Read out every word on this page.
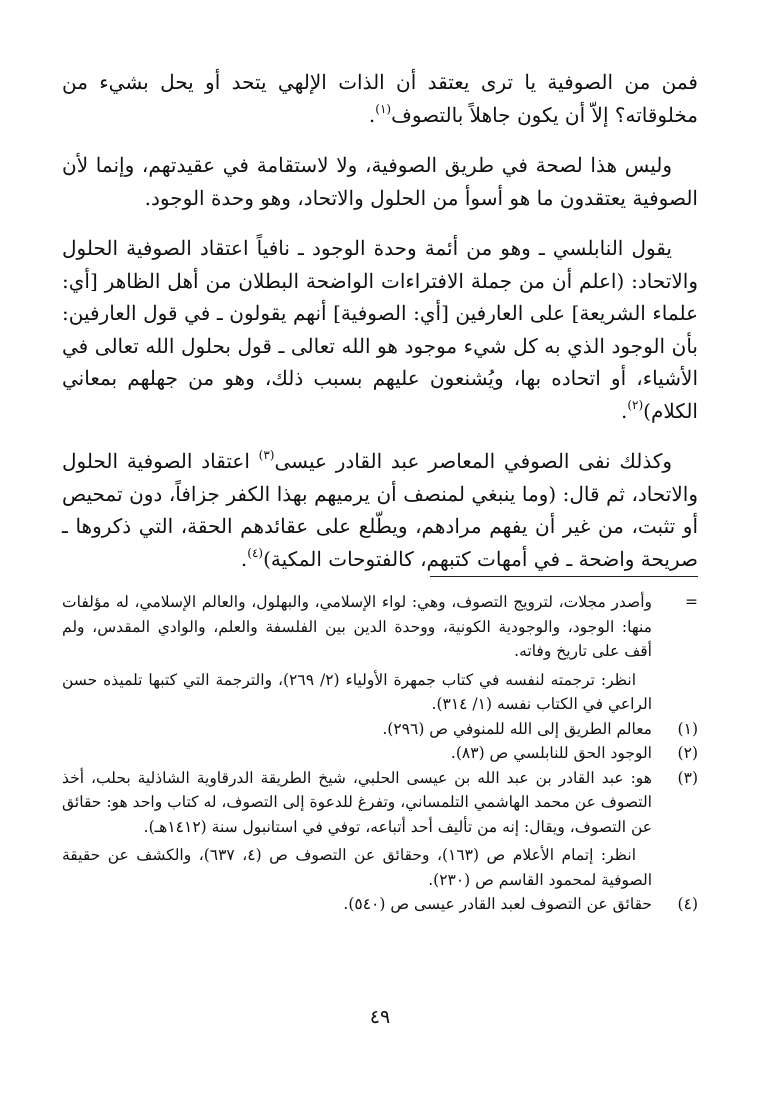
فمن من الصوفية يا ترى يعتقد أن الذات الإلهي يتحد أو يحل بشيء من مخلوقاته؟ إلاّ أن يكون جاهلاً بالتصوف$^{(١)}$.

وليس هذا لصحة في طريق الصوفية، ولا لاستقامة في عقيدتهم، وإنما لأن الصوفية يعتقدون ما هو أسوأ من الحلول والاتحاد، وهو وحدة الوجود.

يقول النابلسي ـ وهو من أئمة وحدة الوجود ـ نافياً اعتقاد الصوفية الحلول والاتحاد: (اعلم أن من جملة الافتراءات الواضحة البطلان من أهل الظاهر [أي: علماء الشريعة] على العارفين [أي: الصوفية] أنهم يقولون ـ في قول العارفين: بأن الوجود الذي به كل شيء موجود هو الله تعالى ـ قول بحلول الله تعالى في الأشياء، أو اتحاده بها، ويُشنعون عليهم بسبب ذلك، وهو من جهلهم بمعاني الكلام)$^{(٢)}$.

وكذلك نفى الصوفي المعاصر عبد القادر عيسى$^{(٣)}$ اعتقاد الصوفية الحلول والاتحاد، ثم قال: (وما ينبغي لمنصف أن يرميهم بهذا الكفر جزافاً، دون تمحيص أو تثبت، من غير أن يفهم مرادهم، ويطّلع على عقائدهم الحقة، التي ذكروها ـ صريحة واضحة ـ في أمهات كتبهم، كالفتوحات المكية)$^{(٤)}$.

=

وأصدر مجلات، لترويج التصوف، وهي: لواء الإسلامي، والبهلول، والعالم الإسلامي، له مؤلفات منها: الوجود، والوجودية الكونية، ووحدة الدين بين الفلسفة والعلم، والوادي المقدس، ولم أقف على تاريخ وفاته.

انظر: ترجمته لنفسه في كتاب جمهرة الأولياء (٢/ ٢٦٩)، والترجمة التي كتبها تلميذه حسن الراعي في الكتاب نفسه (١/ ٣١٤).

(١)

معالم الطريق إلى الله للمنوفي ص (٢٩٦).

(٢)

الوجود الحق للنابلسي ص (٨٣).

(٣)

هو: عبد القادر بن عبد الله بن عيسى الحلبي، شيخ الطريقة الدرقاوية الشاذلية بحلب، أخذ التصوف عن محمد الهاشمي التلمساني، وتفرغ للدعوة إلى التصوف، له كتاب واحد هو: حقائق عن التصوف، ويقال: إنه من تأليف أحد أتباعه، توفي في استانبول سنة (١٤١٢هـ).

انظر: إتمام الأعلام ص (١٦٣)، وحقائق عن التصوف ص (٤، ٦٣٧)، والكشف عن حقيقة الصوفية لمحمود القاسم ص (٢٣٠).

(٤)

حقائق عن التصوف لعبد القادر عيسى ص (٥٤٠).

٤٩
